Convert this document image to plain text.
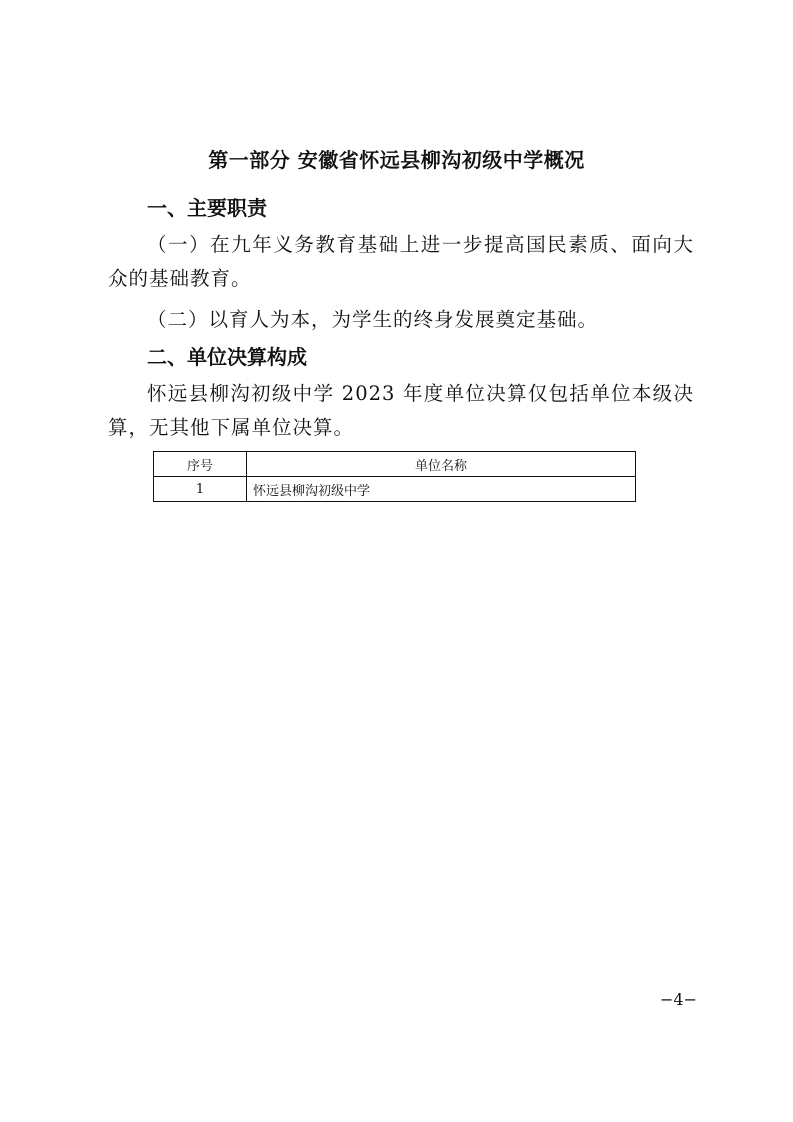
第一部分 安徽省怀远县柳沟初级中学概况
一、主要职责
（一）在九年义务教育基础上进一步提高国民素质、面向大众的基础教育。
（二）以育人为本，为学生的终身发展奠定基础。
二、单位决算构成
怀远县柳沟初级中学 2023 年度单位决算仅包括单位本级决算，无其他下属单位决算。
序号	单位名称
1	怀远县柳沟初级中学
−4−
